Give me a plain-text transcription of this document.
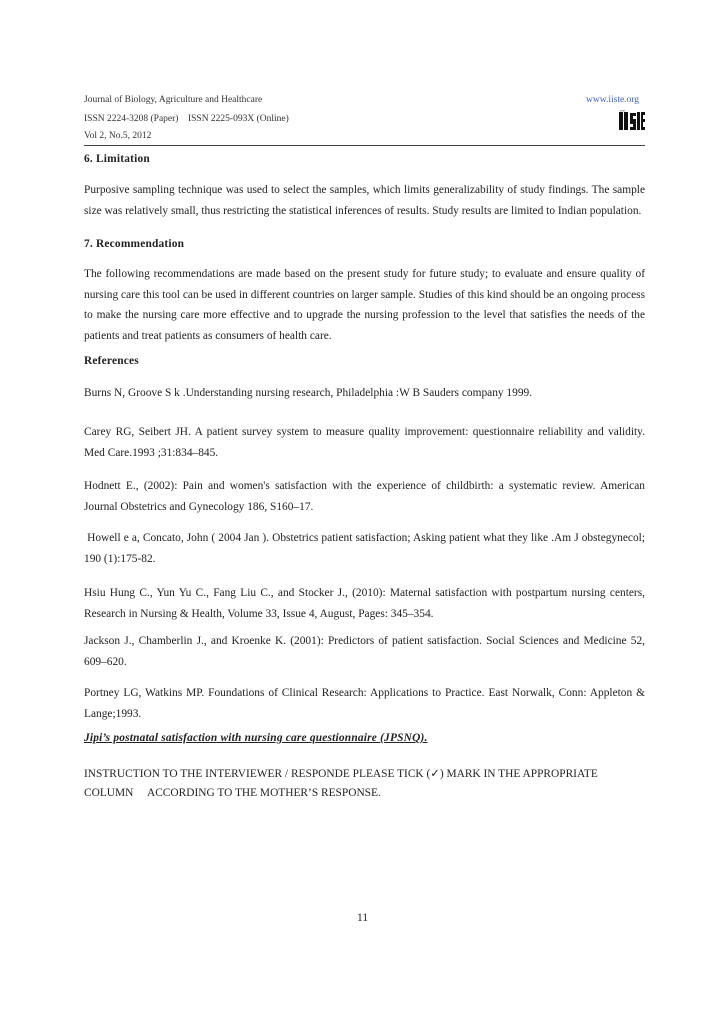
Journal of Biology, Agriculture and Healthcare
ISSN 2224-3208 (Paper)    ISSN 2225-093X (Online)
Vol 2, No.5, 2012
www.iiste.org
IISTE
6. Limitation
Purposive sampling technique was used to select the samples, which limits generalizability of study findings. The sample size was relatively small, thus restricting the statistical inferences of results. Study results are limited to Indian population.
7. Recommendation
The following recommendations are made based on the present study for future study; to evaluate and ensure quality of nursing care this tool can be used in different countries on larger sample. Studies of this kind should be an ongoing process to make the nursing care more effective and to upgrade the nursing profession to the level that satisfies the needs of the patients and treat patients as consumers of health care.
References
Burns N, Groove S k .Understanding nursing research, Philadelphia :W B Sauders company 1999.
Carey RG, Seibert JH. A patient survey system to measure quality improvement: questionnaire reliability and validity. Med Care.1993 ;31:834–845.
Hodnett E., (2002): Pain and women's satisfaction with the experience of childbirth: a systematic review. American Journal Obstetrics and Gynecology 186, S160–17.
Howell e a, Concato, John ( 2004 Jan ). Obstetrics patient satisfaction; Asking patient what they like .Am J obstegynecol; 190 (1):175-82.
Hsiu Hung C., Yun Yu C., Fang Liu C., and Stocker J., (2010): Maternal satisfaction with postpartum nursing centers, Research in Nursing & Health, Volume 33, Issue 4, August, Pages: 345–354.
Jackson J., Chamberlin J., and Kroenke K. (2001): Predictors of patient satisfaction. Social Sciences and Medicine 52, 609–620.
Portney LG, Watkins MP. Foundations of Clinical Research: Applications to Practice. East Norwalk, Conn: Appleton & Lange;1993.
Jipi’s postnatal satisfaction with nursing care questionnaire (JPSNQ).
INSTRUCTION TO THE INTERVIEWER / RESPONDE PLEASE TICK (✓) MARK IN THE APPROPRIATE
COLUMN     ACCORDING TO THE MOTHER’S RESPONSE.
11
